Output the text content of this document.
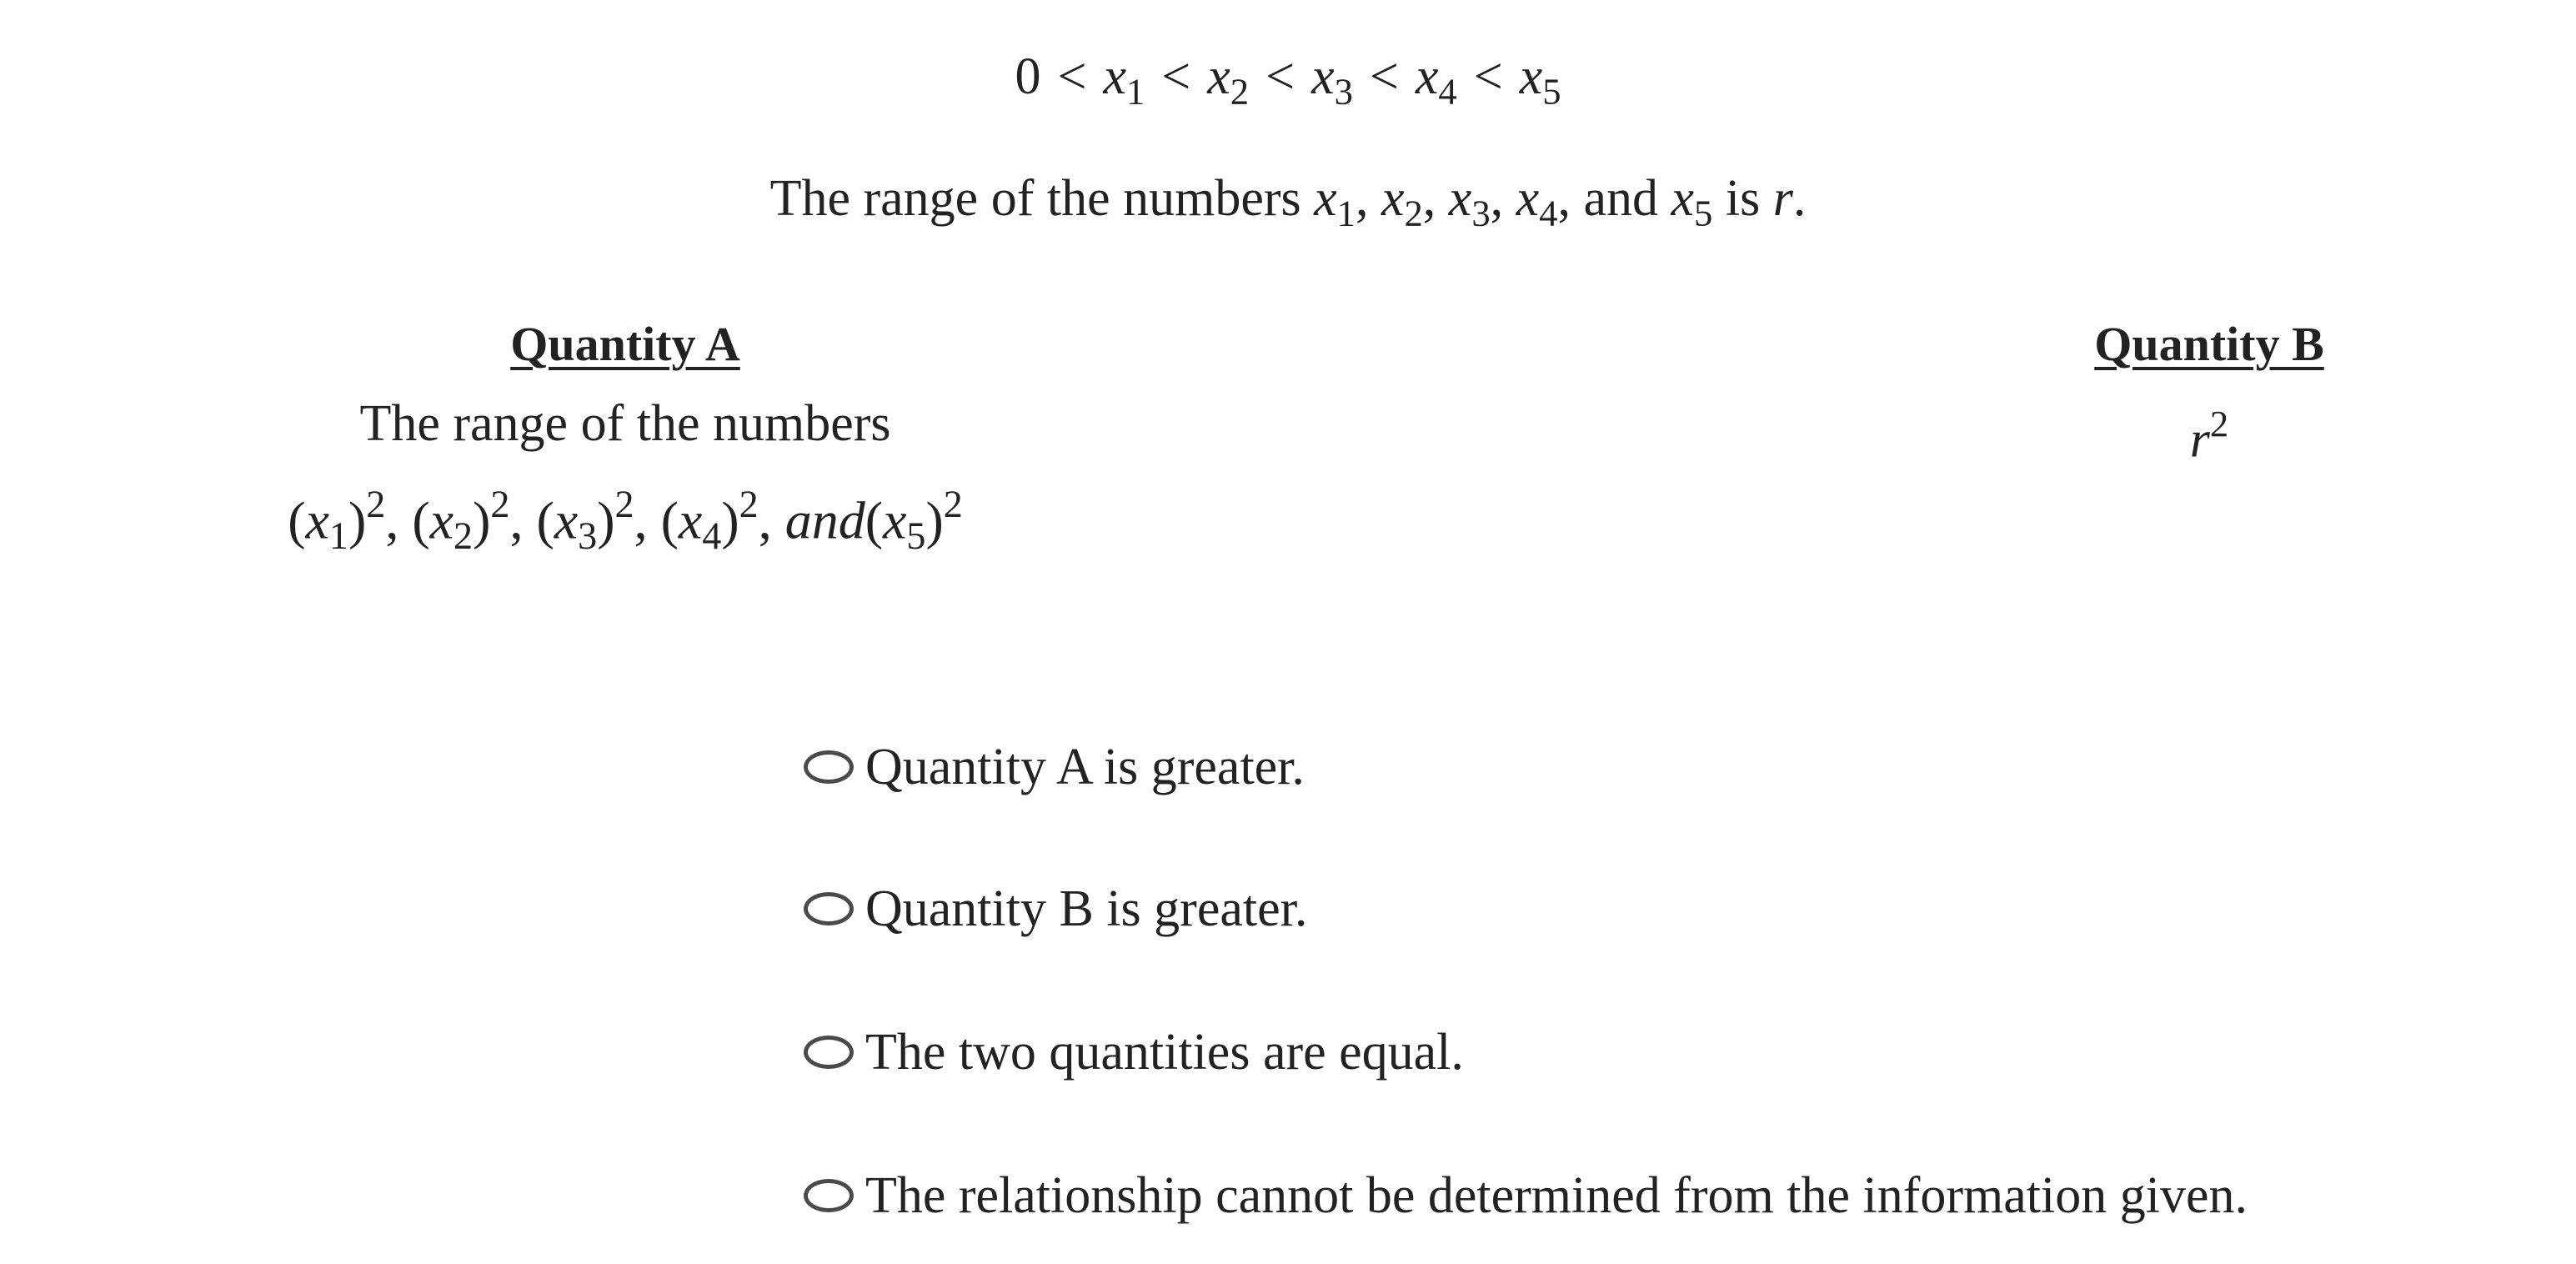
$0 < x_1 < x_2 < x_3 < x_4 < x_5$
The range of the numbers $x_1$, $x_2$, $x_3$, $x_4$, and $x_5$ is r.
Quantity A
The range of the numbers
$(x_1)^2$, $(x_2)^2$, $(x_3)^2$, $(x_4)^2$, $and(x_5)^2$
Quantity B
$r^2$
Quantity A is greater.
Quantity B is greater.
The two quantities are equal.
The relationship cannot be determined from the information given.
